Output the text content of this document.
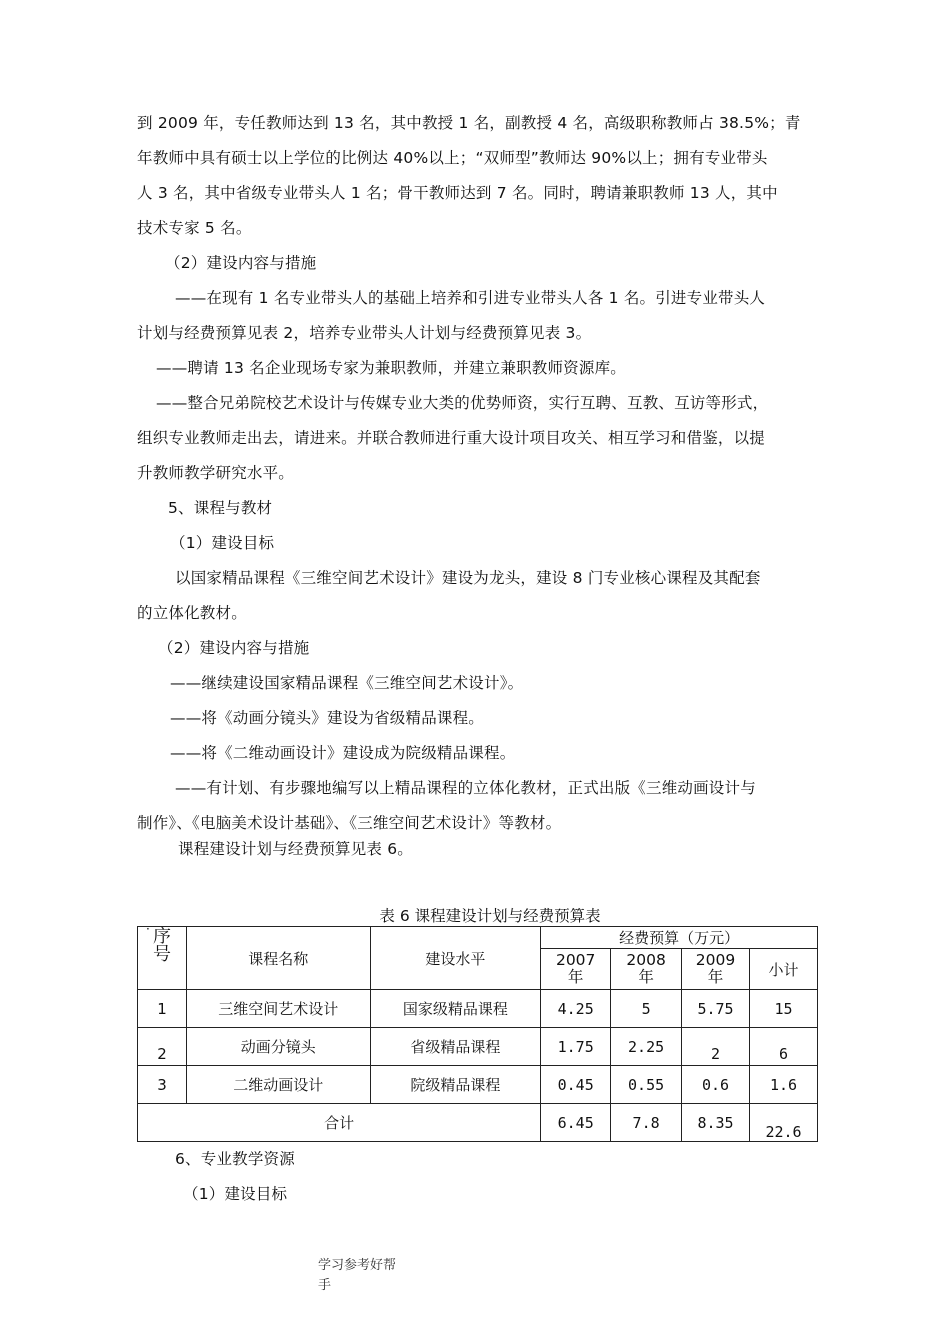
到 2009 年，专任教师达到 13 名，其中教授 1 名，副教授 4 名，高级职称教师占 38.5%；青
年教师中具有硕士以上学位的比例达 40%以上；“双师型”教师达 90%以上；拥有专业带头
人 3 名，其中省级专业带头人 1 名；骨干教师达到 7 名。同时，聘请兼职教师 13 人，其中
技术专家 5 名。
（2）建设内容与措施
——在现有 1 名专业带头人的基础上培养和引进专业带头人各 1 名。引进专业带头人
计划与经费预算见表 2，培养专业带头人计划与经费预算见表 3。
——聘请 13 名企业现场专家为兼职教师，并建立兼职教师资源库。
——整合兄弟院校艺术设计与传媒专业大类的优势师资，实行互聘、互教、互访等形式，
组织专业教师走出去，请进来。并联合教师进行重大设计项目攻关、相互学习和借鉴，以提
升教师教学研究水平。
5、课程与教材
（1）建设目标
以国家精品课程《三维空间艺术设计》建设为龙头，建设 8 门专业核心课程及其配套
的立体化教材。
（2）建设内容与措施
——继续建设国家精品课程《三维空间艺术设计》。
——将《动画分镜头》建设为省级精品课程。
——将《二维动画设计》建设成为院级精品课程。
——有计划、有步骤地编写以上精品课程的立体化教材，正式出版《三维动画设计与
制作》、《电脑美术设计基础》、《三维空间艺术设计》等教材。
课程建设计划与经费预算见表 6。
表 6 课程建设计划与经费预算表
· 序
号	课程名称	建设水平	经费预算（万元）			
			2007
年	2008
年	2009
年	小计
1	三维空间艺术设计	国家级精品课程	4.25	5	5.75	15
2	动画分镜头	省级精品课程	1.75	2.25	2	6
3	二维动画设计	院级精品课程	0.45	0.55	0.6	1.6
合计			6.45	7.8	8.35	22.6
6、专业教学资源
（1）建设目标
学习参考好帮
手
